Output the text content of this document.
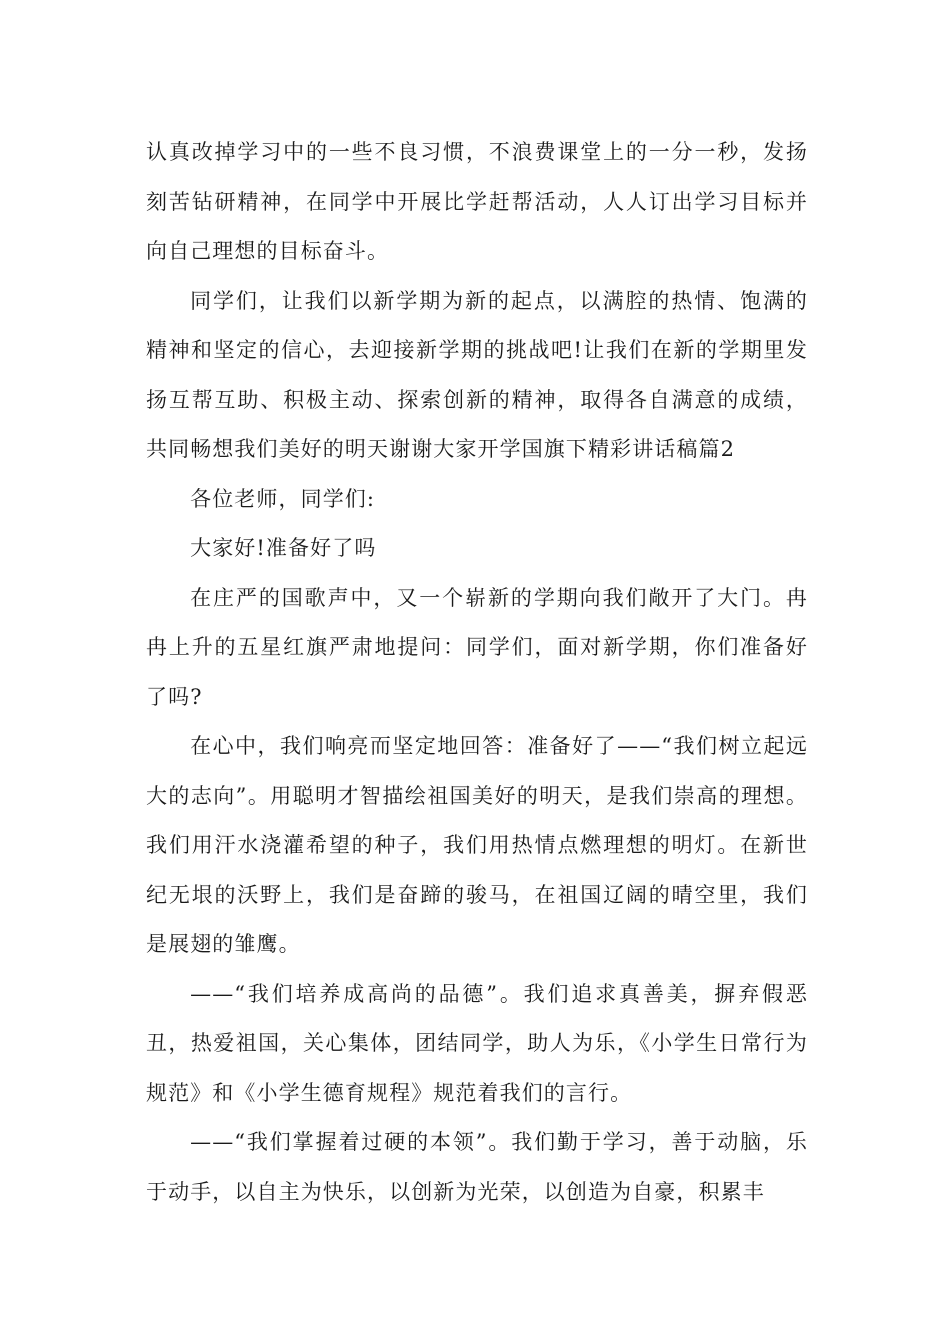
认真改掉学习中的一些不良习惯，不浪费课堂上的一分一秒，发扬刻苦钻研精神，在同学中开展比学赶帮活动，人人订出学习目标并向自己理想的目标奋斗。

同学们，让我们以新学期为新的起点，以满腔的热情、饱满的精神和坚定的信心，去迎接新学期的挑战吧!让我们在新的学期里发扬互帮互助、积极主动、探索创新的精神，取得各自满意的成绩，共同畅想我们美好的明天谢谢大家开学国旗下精彩讲话稿篇2

各位老师，同学们:

大家好!准备好了吗

在庄严的国歌声中，又一个崭新的学期向我们敞开了大门。冉冉上升的五星红旗严肃地提问：同学们，面对新学期，你们准备好了吗?

在心中，我们响亮而坚定地回答：准备好了——“我们树立起远大的志向”。用聪明才智描绘祖国美好的明天，是我们崇高的理想。我们用汗水浇灌希望的种子，我们用热情点燃理想的明灯。在新世纪无垠的沃野上，我们是奋蹄的骏马，在祖国辽阔的晴空里，我们是展翅的雏鹰。

——“我们培养成高尚的品德”。我们追求真善美，摒弃假恶丑，热爱祖国，关心集体，团结同学，助人为乐，《小学生日常行为规范》和《小学生德育规程》规范着我们的言行。

——“我们掌握着过硬的本领”。我们勤于学习，善于动脑，乐于动手，以自主为快乐，以创新为光荣，以创造为自豪，积累丰
